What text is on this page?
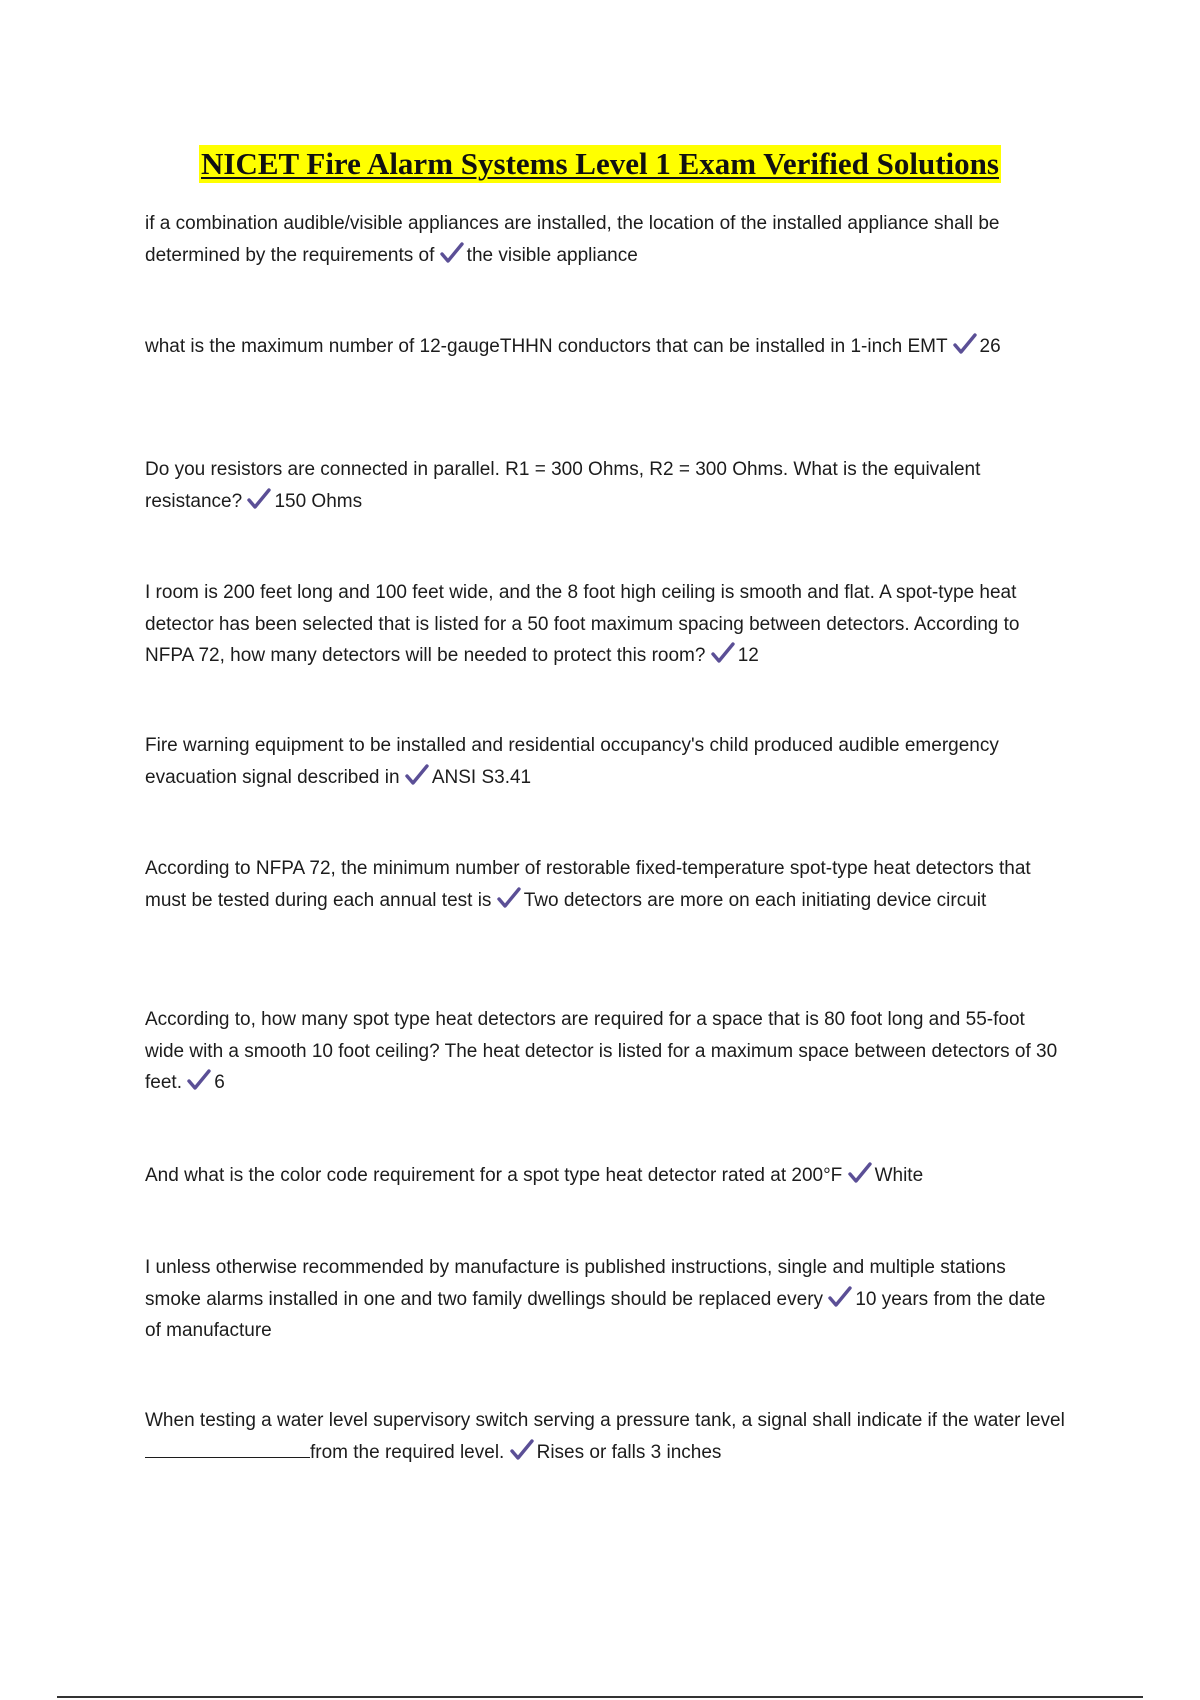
NICET Fire Alarm Systems Level 1 Exam Verified Solutions
if a combination audible/visible appliances are installed, the location of the installed appliance shall be determined by the requirements of the visible appliance
what is the maximum number of 12-gaugeTHHN conductors that can be installed in 1-inch EMT 26
Do you resistors are connected in parallel. R1 = 300 Ohms, R2 = 300 Ohms. What is the equivalent resistance? 150 Ohms
I room is 200 feet long and 100 feet wide, and the 8 foot high ceiling is smooth and flat. A spot-type heat detector has been selected that is listed for a 50 foot maximum spacing between detectors. According to NFPA 72, how many detectors will be needed to protect this room? 12
Fire warning equipment to be installed and residential occupancy's child produced audible emergency evacuation signal described in ANSI S3.41
According to NFPA 72, the minimum number of restorable fixed-temperature spot-type heat detectors that must be tested during each annual test is Two detectors are more on each initiating device circuit
According to, how many spot type heat detectors are required for a space that is 80 foot long and 55-foot wide with a smooth 10 foot ceiling? The heat detector is listed for a maximum space between detectors of 30 feet. 6
And what is the color code requirement for a spot type heat detector rated at 200°F White
I unless otherwise recommended by manufacture is published instructions, single and multiple stations smoke alarms installed in one and two family dwellings should be replaced every 10 years from the date of manufacture
When testing a water level supervisory switch serving a pressure tank, a signal shall indicate if the water level from the required level. Rises or falls 3 inches
